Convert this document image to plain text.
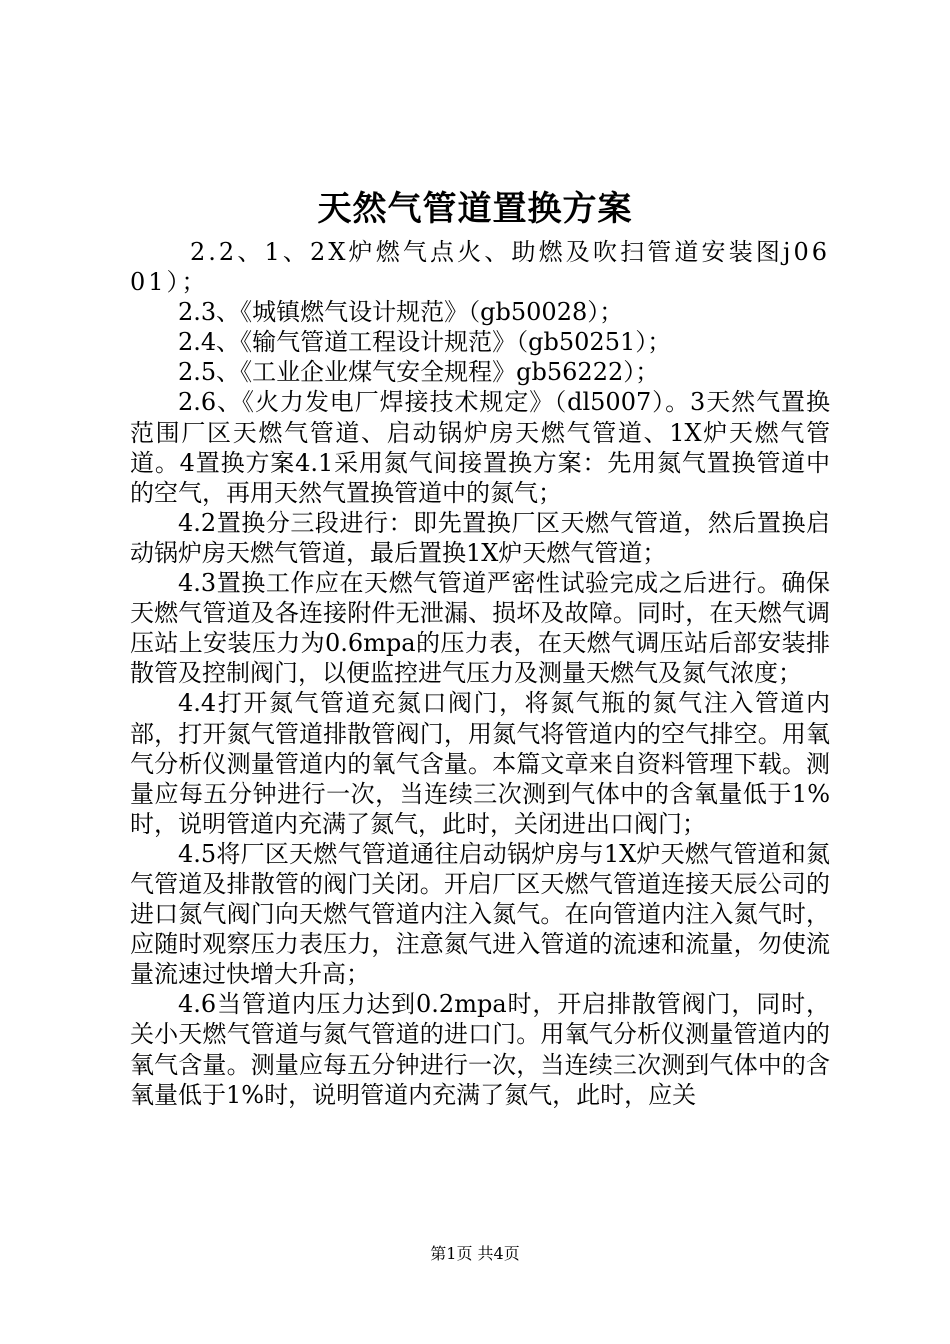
天然气管道置换方案

2.2、1、2X炉燃气点火、助燃及吹扫管道安装图j0601）；

2.3、《城镇燃气设计规范》（gb50028）；

2.4、《输气管道工程设计规范》（gb50251）；

2.5、《工业企业煤气安全规程》gb56222）；

2.6、《火力发电厂焊接技术规定》（dl5007）。3天然气置换范围厂区天燃气管道、启动锅炉房天燃气管道、1X炉天燃气管道。4置换方案4.1采用氮气间接置换方案：先用氮气置换管道中的空气，再用天然气置换管道中的氮气；

4.2置换分三段进行：即先置换厂区天燃气管道，然后置换启动锅炉房天燃气管道，最后置换1X炉天燃气管道；

4.3置换工作应在天燃气管道严密性试验完成之后进行。确保天燃气管道及各连接附件无泄漏、损坏及故障。同时，在天燃气调压站上安装压力为0.6mpa的压力表，在天燃气调压站后部安装排散管及控制阀门，以便监控进气压力及测量天燃气及氮气浓度；

4.4打开氮气管道充氮口阀门，将氮气瓶的氮气注入管道内部，打开氮气管道排散管阀门，用氮气将管道内的空气排空。用氧气分析仪测量管道内的氧气含量。本篇文章来自资料管理下载。测量应每五分钟进行一次，当连续三次测到气体中的含氧量低于1%时，说明管道内充满了氮气，此时，关闭进出口阀门；

4.5将厂区天燃气管道通往启动锅炉房与1X炉天燃气管道和氮气管道及排散管的阀门关闭。开启厂区天燃气管道连接天辰公司的进口氮气阀门向天燃气管道内注入氮气。在向管道内注入氮气时，应随时观察压力表压力，注意氮气进入管道的流速和流量，勿使流量流速过快增大升高；

4.6当管道内压力达到0.2mpa时，开启排散管阀门，同时，关小天燃气管道与氮气管道的进口门。用氧气分析仪测量管道内的氧气含量。测量应每五分钟进行一次，当连续三次测到气体中的含氧量低于1%时，说明管道内充满了氮气，此时，应关

第1页 共4页
